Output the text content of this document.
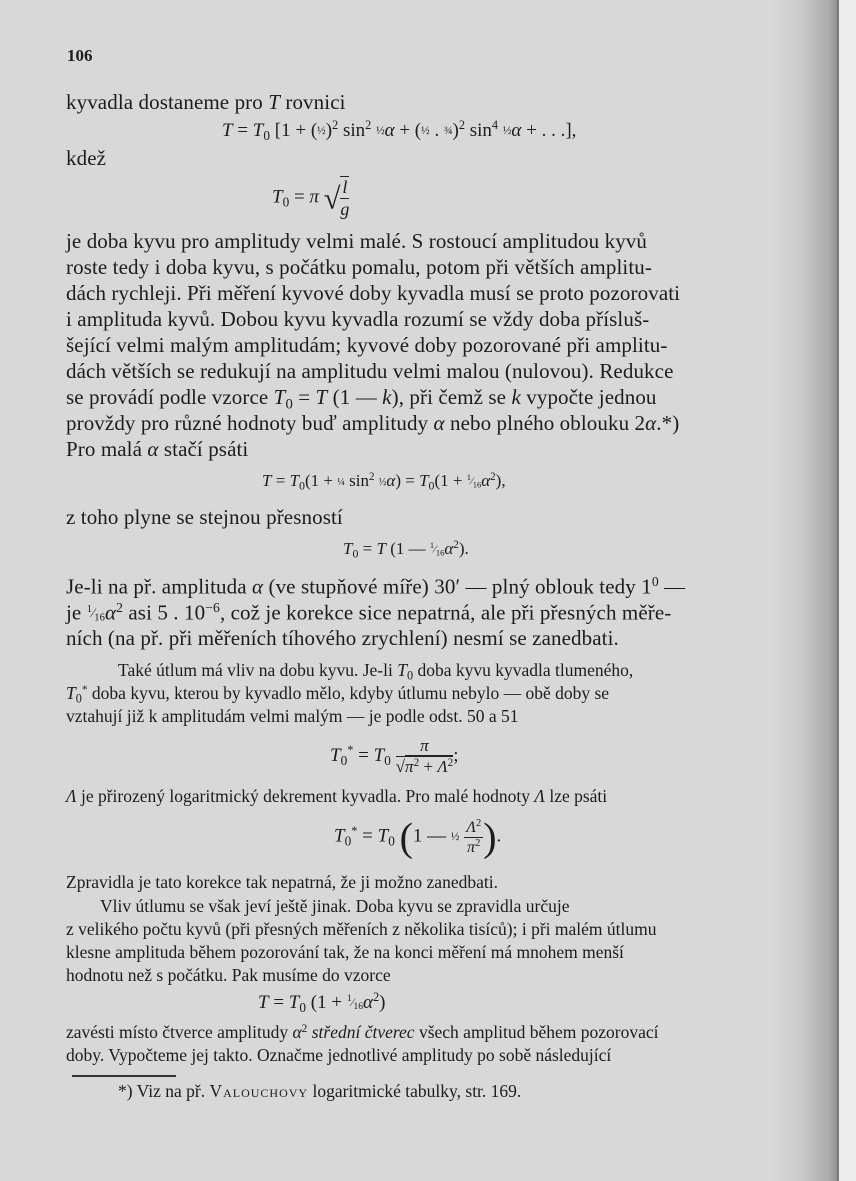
106
kyvadla dostaneme pro T rovnici
$T = T_0$ [1 + (½)$^2$ $\sin^2$ ½α + (½ . ¾)$^2$ $\sin^4$ ½α + . . .],
kdež
$T_0 = \pi$ √ $\frac{l}{g}$
je doba kyvu pro amplitudy velmi malé. S rostoucí amplitudou kyvů
roste tedy i doba kyvu, s počátku pomalu, potom při větších amplitu-
dách rychleji. Při měření kyvové doby kyvadla musí se proto pozorovati
i amplituda kyvů. Dobou kyvu kyvadla rozumí se vždy doba přísluš-
šející velmi malým amplitudám; kyvové doby pozorované při amplitu-
dách větších se redukují na amplitudu velmi malou (nulovou). Redukce
se provádí podle vzorce $T_0 = T$ (1 — k), při čemž se k vypočte jednou
provždy pro různé hodnoty buď amplitudy α nebo plného oblouku 2α.*)
Pro malá α stačí psáti
$T = T_0(1$ + ¼ $\sin^2$ ½α) = $T_0(1$ + $^1⁄_{16}\alpha^2$),
z toho plyne se stejnou přesností
$T_0 = T$ (1 — $^1⁄_{16}\alpha^2$).
Je-li na př. amplituda α (ve stupňové míře) 30′ — plný oblouk tedy $1^0$ —
je $^1⁄_{16}\alpha^2$ asi 5 . $10^{-6}$, což je korekce sice nepatrná, ale při přesných měře-
ních (na př. při měřeních tíhového zrychlení) nesmí se zanedbati.
Také útlum má vliv na dobu kyvu. Je-li $T_0$ doba kyvu kyvadla tlumeného,
$T_0^*$ doba kyvu, kterou by kyvadlo mělo, kdyby útlumu nebylo — obě doby se
vztahují již k amplitudám velmi malým — je podle odst. 50 a 51
$T_0^* = T_0 \frac{\pi}{√\pi^2 + \Lambda^2}$ ;
Λ je přirozený logaritmický dekrement kyvadla. Pro malé hodnoty Λ lze psáti
$T_0^* = T_0$ (1 — ½ $\frac{\Lambda^2}{\pi^2}$ ).
Zpravidla je tato korekce tak nepatrná, že ji možno zanedbati.
Vliv útlumu se však jeví ještě jinak. Doba kyvu se zpravidla určuje
z velikého počtu kyvů (při přesných měřeních z několika tisíců); i při malém útlumu
klesne amplituda během pozorování tak, že na konci měření má mnohem menší
hodnotu než s počátku. Pak musíme do vzorce
$T = T_0$ $(1 + ^1⁄_{16}\alpha^2)$
zavésti místo čtverce amplitudy $\alpha^2$ střední čtverec všech amplitud během pozorovací
doby. Vypočteme jej takto. Označme jednotlivé amplitudy po sobě následující
*) Viz na př. Valouchovy logaritmické tabulky, str. 169.
